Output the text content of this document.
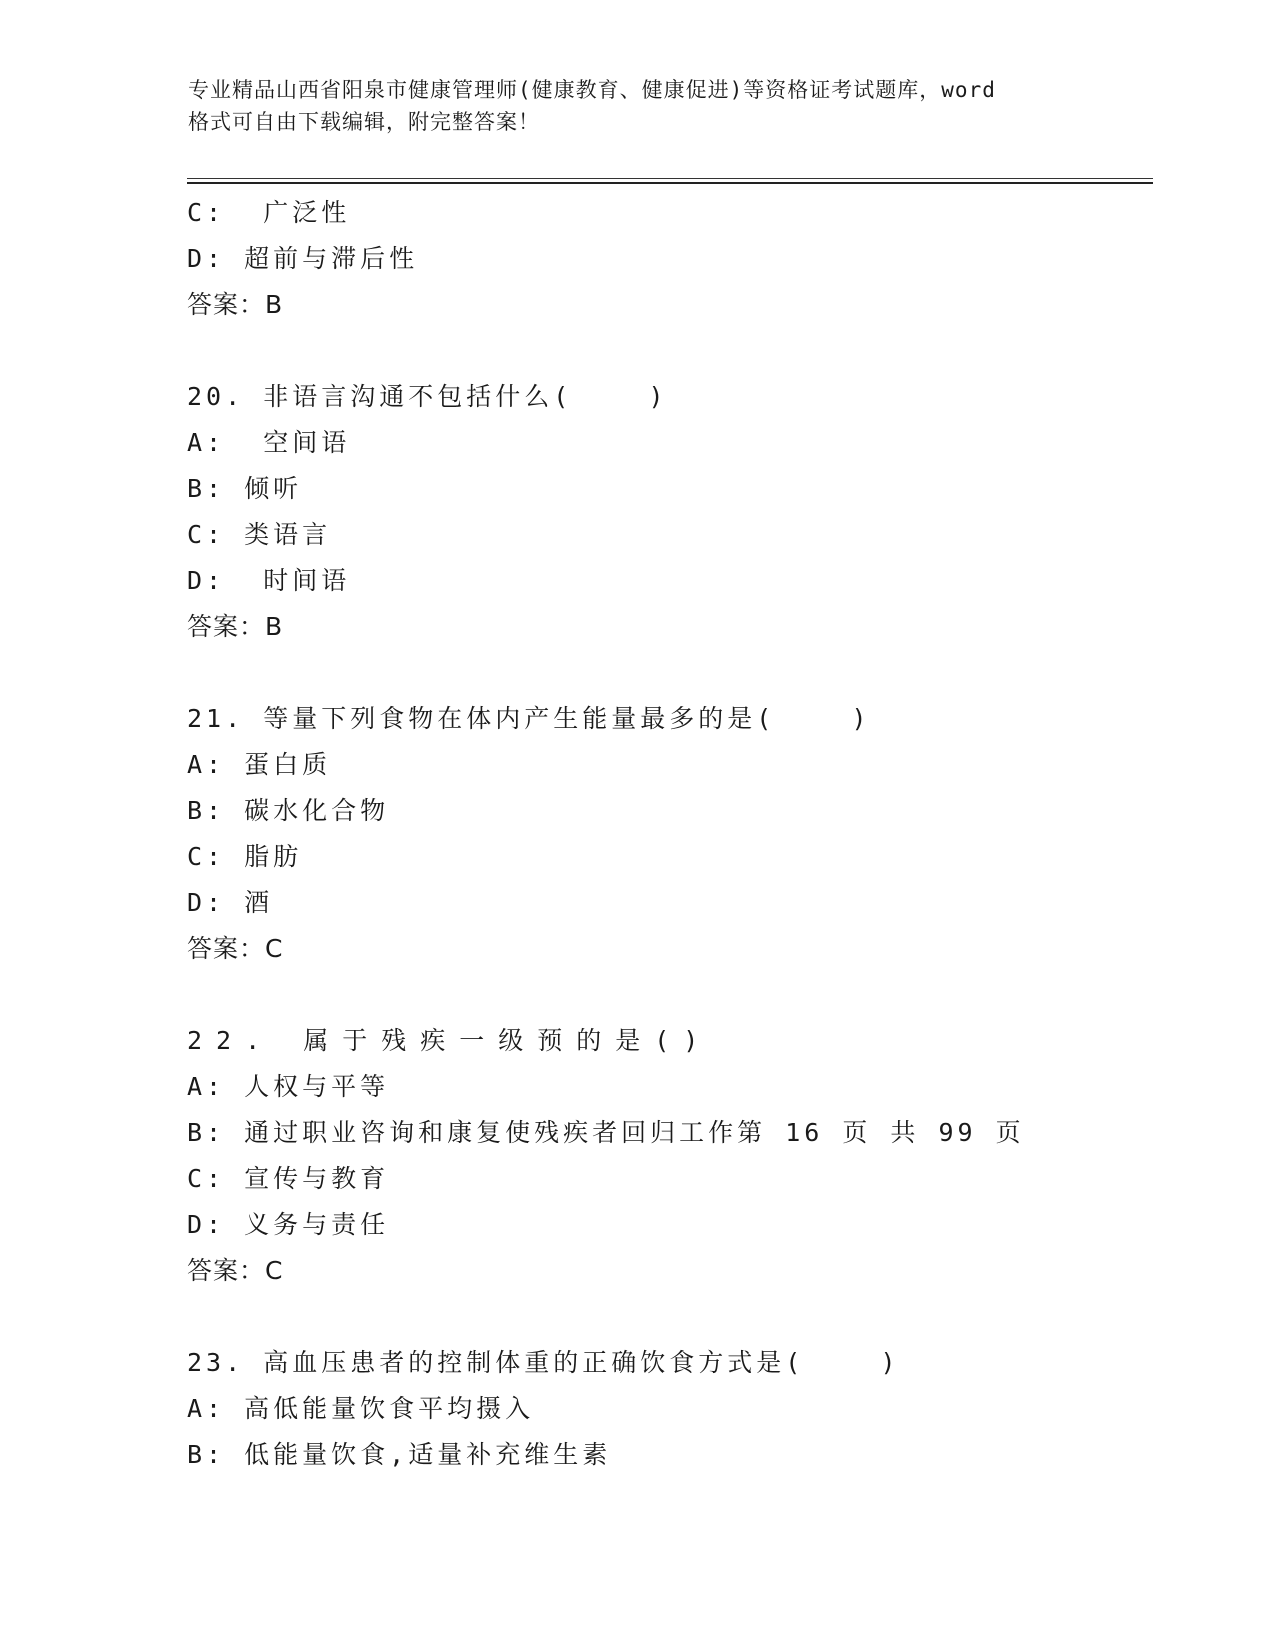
专业精品山西省阳泉市健康管理师(健康教育、健康促进)等资格证考试题库，word
格式可自由下载编辑，附完整答案！
C:  广泛性
D: 超前与滞后性
答案：B
20. 非语言沟通不包括什么(    )
A:  空间语
B: 倾听
C: 类语言
D:  时间语
答案：B
21. 等量下列食物在体内产生能量最多的是(    )
A: 蛋白质
B: 碳水化合物
C: 脂肪
D: 酒
答案：C
22. 属于残疾一级预的是()
A: 人权与平等
B: 通过职业咨询和康复使残疾者回归工作第 16 页 共 99 页
C: 宣传与教育
D: 义务与责任
答案：C
23. 高血压患者的控制体重的正确饮食方式是(    )
A: 高低能量饮食平均摄入
B: 低能量饮食,适量补充维生素
